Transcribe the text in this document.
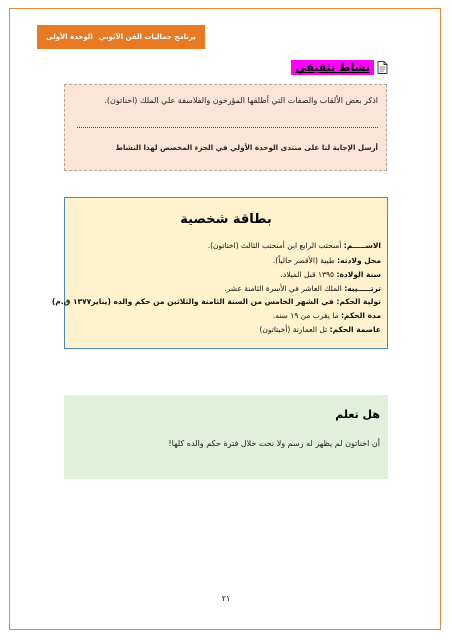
برنامج جماليات الفن الآتوني
الوحدة الأولى
نشاط تثقيفي
اذكر بعض الألقاب والصفات التي أطلقها المؤرخون والفلاسفة علي الملك (اخناتون).
أرسل الإجابة لنا على منتدى الوحدة الأولي في الجزء المخصص لهذا النشاط
بطاقة شخصية
الاســـــم: أمنحتب الرابع ابن أمنحتب الثالث (اخناتون).
محل ولادته: طيبة (الأقصر حالياً).
سنة الولادة: ١٣٩٥ قبل الميلاد.
ترتـــــيبه: الملك العاشر في الأسرة الثامنة عشر.
تولية الحكم: في الشهر الخامس من السنة الثامنة والثلاثين من حكم والده (يناير١٣٧٧ ق.م)
مدة الحكم: ما يقرب من ١٩ سنه.
عاصمة الحكم: تل العمارنة (أخيتاتون)
هل تعلم
أن اخناتون لم يظهر له رسم ولا نحت خلال فترة حكم والده كلها!
٢١
